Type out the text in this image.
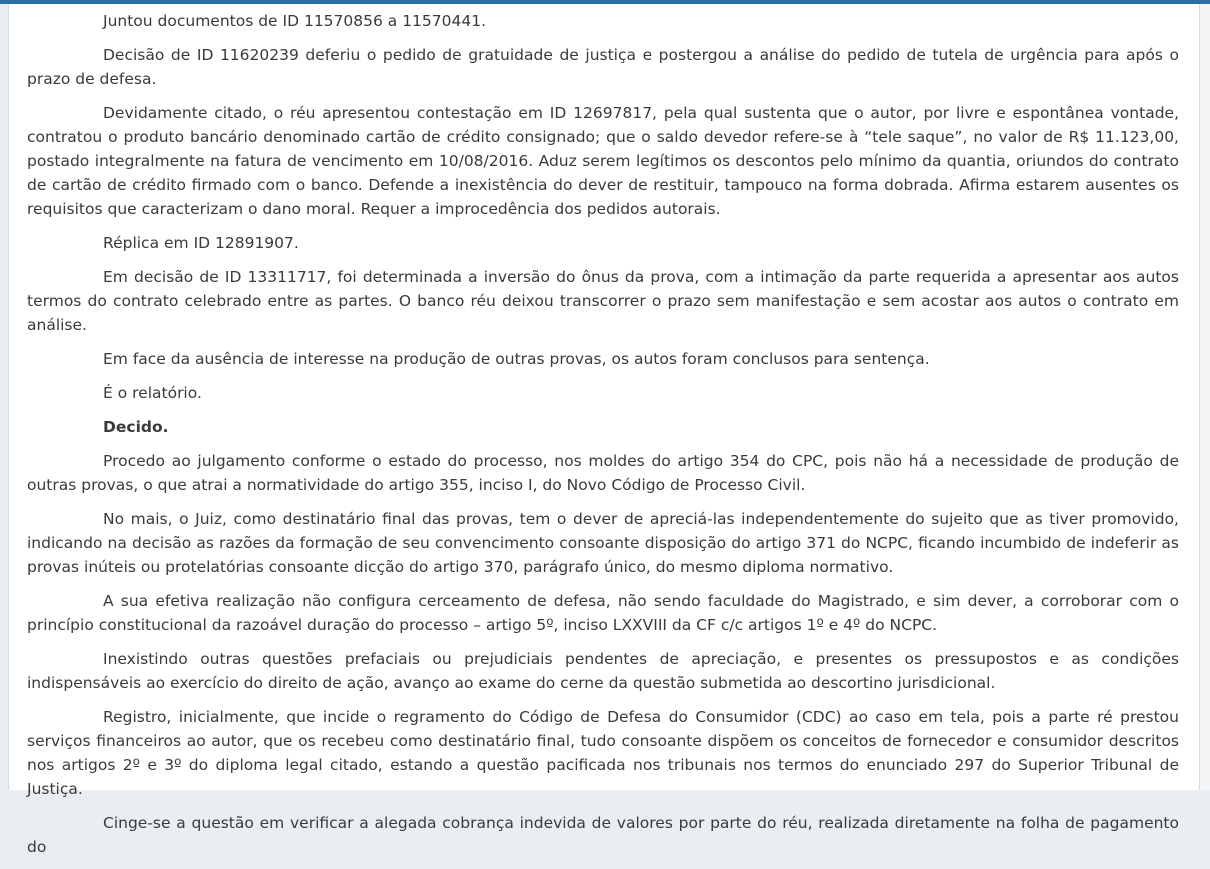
Juntou documentos de ID 11570856 a 11570441.

Decisão de ID 11620239 deferiu o pedido de gratuidade de justiça e postergou a análise do pedido de tutela de urgência para após o prazo de defesa.

Devidamente citado, o réu apresentou contestação em ID 12697817, pela qual sustenta que o autor, por livre e espontânea vontade, contratou o produto bancário denominado cartão de crédito consignado; que o saldo devedor refere-se à “tele saque”, no valor de R$ 11.123,00, postado integralmente na fatura de vencimento em 10/08/2016. Aduz serem legítimos os descontos pelo mínimo da quantia, oriundos do contrato de cartão de crédito firmado com o banco. Defende a inexistência do dever de restituir, tampouco na forma dobrada. Afirma estarem ausentes os requisitos que caracterizam o dano moral. Requer a improcedência dos pedidos autorais.

Réplica em ID 12891907.

Em decisão de ID 13311717, foi determinada a inversão do ônus da prova, com a intimação da parte requerida a apresentar aos autos termos do contrato celebrado entre as partes. O banco réu deixou transcorrer o prazo sem manifestação e sem acostar aos autos o contrato em análise.

Em face da ausência de interesse na produção de outras provas, os autos foram conclusos para sentença.

É o relatório.

Decido.

Procedo ao julgamento conforme o estado do processo, nos moldes do artigo 354 do CPC, pois não há a necessidade de produção de outras provas, o que atrai a normatividade do artigo 355, inciso I, do Novo Código de Processo Civil.

No mais, o Juiz, como destinatário final das provas, tem o dever de apreciá-las independentemente do sujeito que as tiver promovido, indicando na decisão as razões da formação de seu convencimento consoante disposição do artigo 371 do NCPC, ficando incumbido de indeferir as provas inúteis ou protelatórias consoante dicção do artigo 370, parágrafo único, do mesmo diploma normativo.

A sua efetiva realização não configura cerceamento de defesa, não sendo faculdade do Magistrado, e sim dever, a corroborar com o princípio constitucional da razoável duração do processo – artigo 5º, inciso LXXVIII da CF c/c artigos 1º e 4º do NCPC.

Inexistindo outras questões prefaciais ou prejudiciais pendentes de apreciação, e presentes os pressupostos e as condições indispensáveis ao exercício do direito de ação, avanço ao exame do cerne da questão submetida ao descortino jurisdicional.

Registro, inicialmente, que incide o regramento do Código de Defesa do Consumidor (CDC) ao caso em tela, pois a parte ré prestou serviços financeiros ao autor, que os recebeu como destinatário final, tudo consoante dispõem os conceitos de fornecedor e consumidor descritos nos artigos 2º e 3º do diploma legal citado, estando a questão pacificada nos tribunais nos termos do enunciado 297 do Superior Tribunal de Justiça.

Cinge-se a questão em verificar a alegada cobrança indevida de valores por parte do réu, realizada diretamente na folha de pagamento do
